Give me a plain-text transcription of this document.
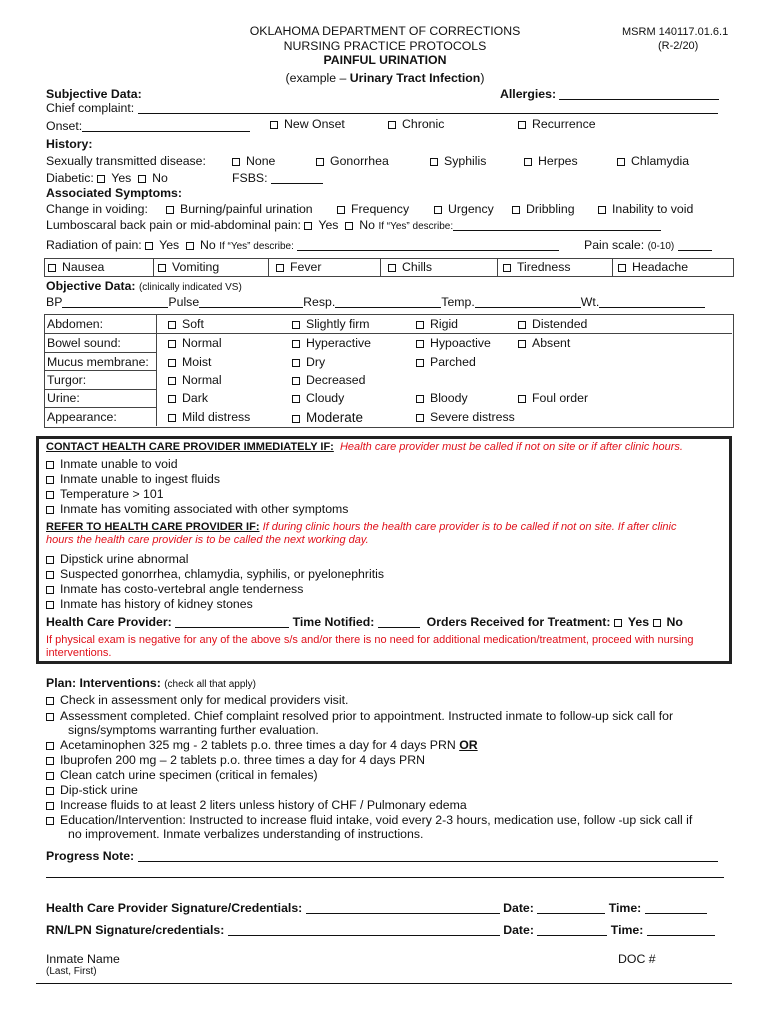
OKLAHOMA DEPARTMENT OF CORRECTIONS
NURSING PRACTICE PROTOCOLS
PAINFUL URINATION
(example – Urinary Tract Infection)
MSRM 140117.01.6.1
(R-2/20)
Subjective Data:	Allergies:
Chief complaint:
Onset:	New Onset	Chronic	Recurrence
History:
Sexually transmitted disease:	None	Gonorrhea	Syphilis	Herpes	Chlamydia
Diabetic: Yes No	FSBS:
Associated Symptoms:
Change in voiding:	Burning/painful urination	Frequency	Urgency	Dribbling	Inability to void
Lumboscaral back pain or mid-abdominal pain: Yes No If “Yes” describe:
Radiation of pain: Yes No If “Yes” describe:	Pain scale: (0-10)
Nausea	Vomiting	Fever	Chills	Tiredness	Headache
Objective Data: (clinically indicated VS)
BP	Pulse	Resp.	Temp.	Wt.
Abdomen:	Soft	Slightly firm	Rigid	Distended
Bowel sound:	Normal	Hyperactive	Hypoactive	Absent
Mucus membrane:	Moist	Dry	Parched
Turgor:	Normal	Decreased
Urine:	Dark	Cloudy	Bloody	Foul order
Appearance:	Mild distress	Moderate	Severe distress
CONTACT HEALTH CARE PROVIDER IMMEDIATELY IF: Health care provider must be called if not on site or if after clinic hours.
Inmate unable to void
Inmate unable to ingest fluids
Temperature > 101
Inmate has vomiting associated with other symptoms
REFER TO HEALTH CARE PROVIDER IF: If during clinic hours the health care provider is to be called if not on site. If after clinic
hours the health care provider is to be called the next working day.
Dipstick urine abnormal
Suspected gonorrhea, chlamydia, syphilis, or pyelonephritis
Inmate has costo-vertebral angle tenderness
Inmate has history of kidney stones
Health Care Provider:	Time Notified:	Orders Received for Treatment: Yes No
If physical exam is negative for any of the above s/s and/or there is no need for additional medication/treatment, proceed with nursing
interventions.
Plan: Interventions: (check all that apply)
Check in assessment only for medical providers visit.
Assessment completed. Chief complaint resolved prior to appointment. Instructed inmate to follow-up sick call for
signs/symptoms warranting further evaluation.
Acetaminophen 325 mg - 2 tablets p.o. three times a day for 4 days PRN OR
Ibuprofen 200 mg – 2 tablets p.o. three times a day for 4 days PRN
Clean catch urine specimen (critical in females)
Dip-stick urine
Increase fluids to at least 2 liters unless history of CHF / Pulmonary edema
Education/Intervention: Instructed to increase fluid intake, void every 2-3 hours, medication use, follow -up sick call if
no improvement. Inmate verbalizes understanding of instructions.
Progress Note:
Health Care Provider Signature/Credentials:	Date:	Time:
RN/LPN Signature/credentials:	Date:	Time:
Inmate Name
(Last, First)
DOC #
